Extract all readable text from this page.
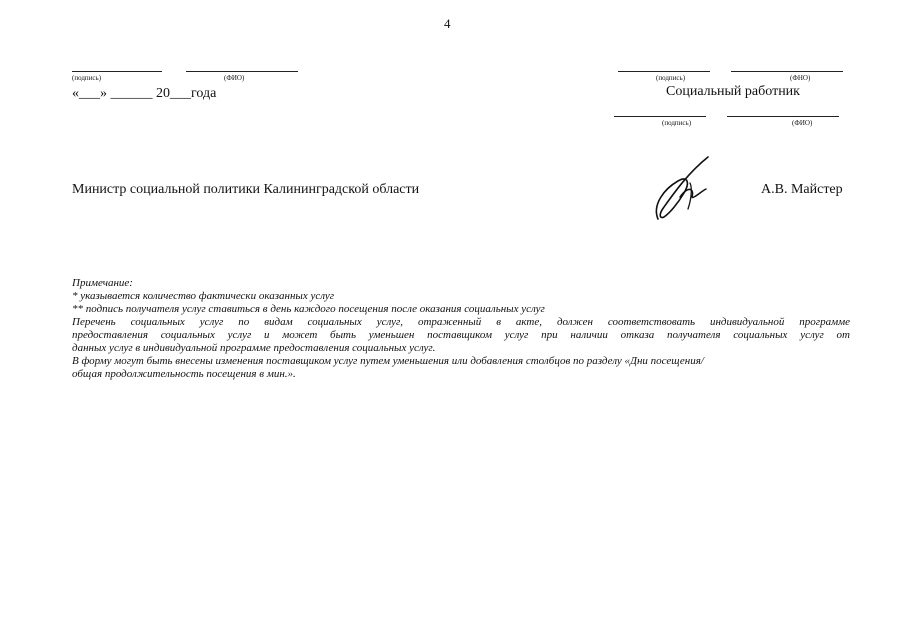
4
(подпись)	(ФИО)
«___» ______ 20___года
(подпись)	(ФНО)
Социальный работник
(подпись)	(ФИО)
Министр социальной политики Калининградской области	А.В. Майстер

Примечание:

* указывается количество фактически оказанных услуг

** подпись получателя услуг ставиться в день каждого посещения после оказания социальных услуг

Перечень социальных услуг по видам социальных услуг, отраженный в акте, должен соответствовать индивидуальной программе

предоставления социальных услуг и может быть уменьшен поставщиком услуг при наличии отказа получателя социальных услуг от

данных услуг в индивидуальной программе предоставления социальных услуг.

В форму могут быть внесены изменения поставщиком услуг путем уменьшения или добавления столбцов по разделу «Дни посещения/

общая продолжительность посещения в мин.».
